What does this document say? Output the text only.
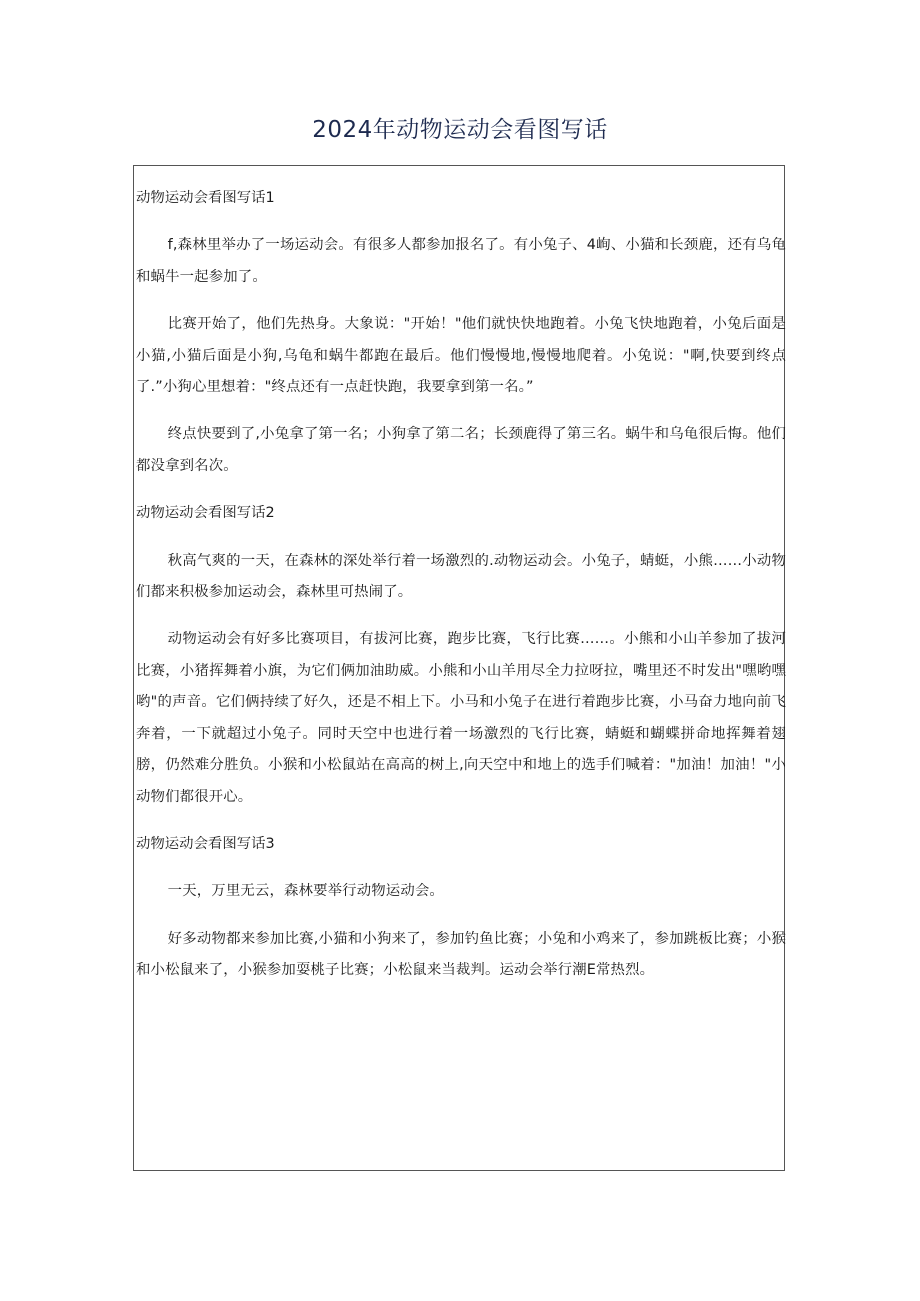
2024年动物运动会看图写话

动物运动会看图写话1

f,森林里举办了一场运动会。有很多人都参加报名了。有小兔子、4峋、小猫和长颈鹿，还有乌龟和蜗牛一起参加了。

比赛开始了，他们先热身。大象说："开始！"他们就快快地跑着。小兔飞快地跑着，小兔后面是小猫,小猫后面是小狗,乌龟和蜗牛都跑在最后。他们慢慢地,慢慢地爬着。小兔说："啊,快要到终点了.”小狗心里想着："终点还有一点赶快跑，我要拿到第一名。”

终点快要到了,小兔拿了第一名；小狗拿了第二名；长颈鹿得了第三名。蜗牛和乌龟很后悔。他们都没拿到名次。

动物运动会看图写话2

秋高气爽的一天，在森林的深处举行着一场激烈的.动物运动会。小兔子，蜻蜓，小熊……小动物们都来积极参加运动会，森林里可热闹了。

动物运动会有好多比赛项目，有拔河比赛，跑步比赛，飞行比赛……。小熊和小山羊参加了拔河比赛，小猪挥舞着小旗，为它们俩加油助威。小熊和小山羊用尽全力拉呀拉，嘴里还不时发出"嘿哟嘿哟"的声音。它们俩持续了好久，还是不相上下。小马和小兔子在进行着跑步比赛，小马奋力地向前飞奔着，一下就超过小兔子。同时天空中也进行着一场激烈的飞行比赛，蜻蜓和蝴蝶拼命地挥舞着翅膀，仍然难分胜负。小猴和小松鼠站在高高的树上,向天空中和地上的选手们喊着："加油！加油！"小动物们都很开心。

动物运动会看图写话3

一天，万里无云，森林要举行动物运动会。

好多动物都来参加比赛,小猫和小狗来了，参加钓鱼比赛；小兔和小鸡来了，参加跳板比赛；小猴和小松鼠来了，小猴参加耍桃子比赛；小松鼠来当裁判。运动会举行潮E常热烈。
